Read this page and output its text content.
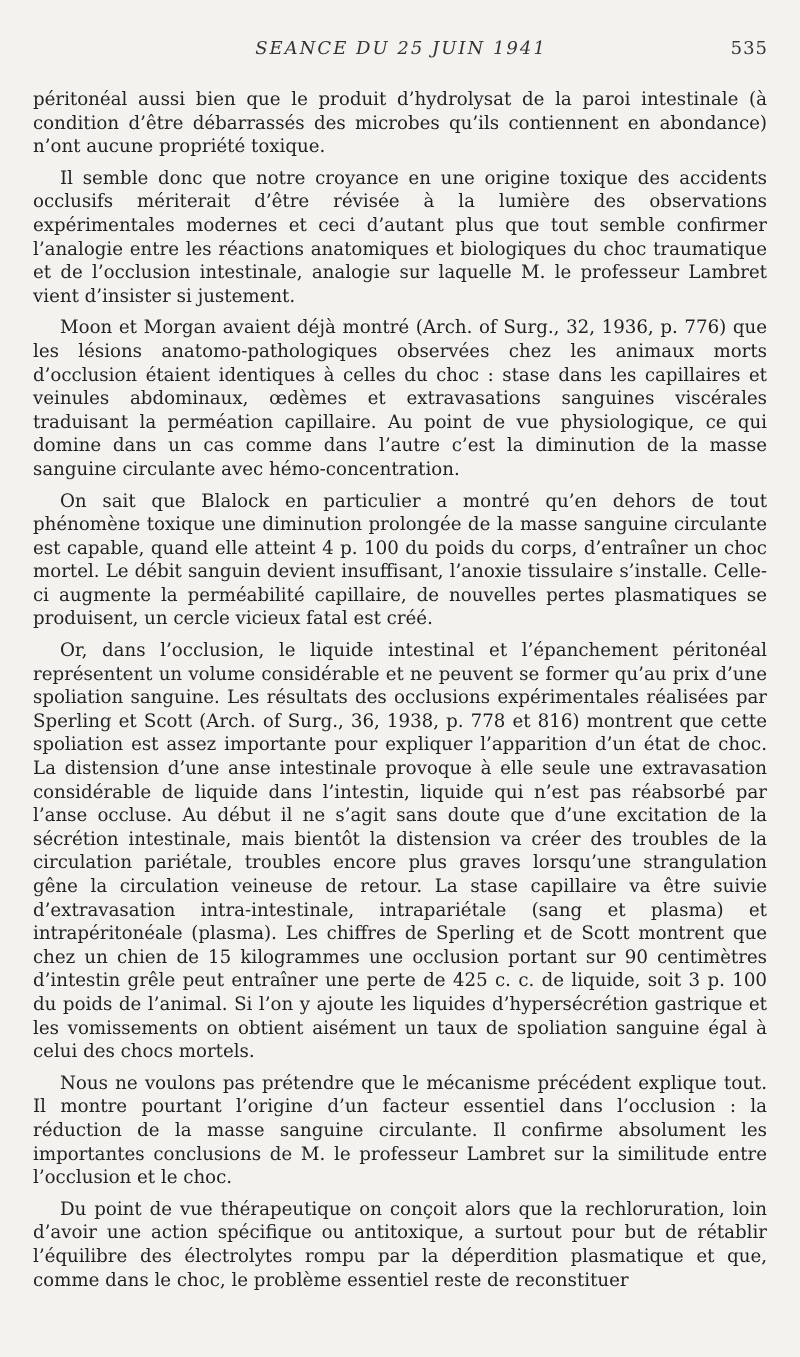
SEANCE DU 25 JUIN 1941	535

péritonéal aussi bien que le produit d’hydrolysat de la paroi intestinale (à condition d’être débarrassés des microbes qu’ils contiennent en abondance) n’ont aucune propriété toxique.

Il semble donc que notre croyance en une origine toxique des accidents occlusifs mériterait d’être révisée à la lumière des observations expérimentales modernes et ceci d’autant plus que tout semble confirmer l’analogie entre les réactions anatomiques et biologiques du choc traumatique et de l’occlusion intestinale, analogie sur laquelle M. le professeur Lambret vient d’insister si justement.

Moon et Morgan avaient déjà montré (Arch. of Surg., 32, 1936, p. 776) que les lésions anatomo-pathologiques observées chez les animaux morts d’occlusion étaient identiques à celles du choc : stase dans les capillaires et veinules abdominaux, œdèmes et extravasations sanguines viscérales traduisant la perméation capillaire. Au point de vue physiologique, ce qui domine dans un cas comme dans l’autre c’est la diminution de la masse sanguine circulante avec hémo-concentration.

On sait que Blalock en particulier a montré qu’en dehors de tout phénomène toxique une diminution prolongée de la masse sanguine circulante est capable, quand elle atteint 4 p. 100 du poids du corps, d’entraîner un choc mortel. Le débit sanguin devient insuffisant, l’anoxie tissulaire s’installe. Celle-ci augmente la perméabilité capillaire, de nouvelles pertes plasmatiques se produisent, un cercle vicieux fatal est créé.

Or, dans l’occlusion, le liquide intestinal et l’épanchement péritonéal représentent un volume considérable et ne peuvent se former qu’au prix d’une spoliation sanguine. Les résultats des occlusions expérimentales réalisées par Sperling et Scott (Arch. of Surg., 36, 1938, p. 778 et 816) montrent que cette spoliation est assez importante pour expliquer l’apparition d’un état de choc. La distension d’une anse intestinale provoque à elle seule une extravasation considérable de liquide dans l’intestin, liquide qui n’est pas réabsorbé par l’anse occluse. Au début il ne s’agit sans doute que d’une excitation de la sécrétion intestinale, mais bientôt la distension va créer des troubles de la circulation pariétale, troubles encore plus graves lorsqu’une strangulation gêne la circulation veineuse de retour. La stase capillaire va être suivie d’extravasation intra-intestinale, intrapariétale (sang et plasma) et intrapéritonéale (plasma). Les chiffres de Sperling et de Scott montrent que chez un chien de 15 kilogrammes une occlusion portant sur 90 centimètres d’intestin grêle peut entraîner une perte de 425 c. c. de liquide, soit 3 p. 100 du poids de l’animal. Si l’on y ajoute les liquides d’hypersécrétion gastrique et les vomissements on obtient aisément un taux de spoliation sanguine égal à celui des chocs mortels.

Nous ne voulons pas prétendre que le mécanisme précédent explique tout. Il montre pourtant l’origine d’un facteur essentiel dans l’occlusion : la réduction de la masse sanguine circulante. Il confirme absolument les importantes conclusions de M. le professeur Lambret sur la similitude entre l’occlusion et le choc.

Du point de vue thérapeutique on conçoit alors que la rechloruration, loin d’avoir une action spécifique ou antitoxique, a surtout pour but de rétablir l’équilibre des électrolytes rompu par la déperdition plasmatique et que, comme dans le choc, le problème essentiel reste de reconstituer
